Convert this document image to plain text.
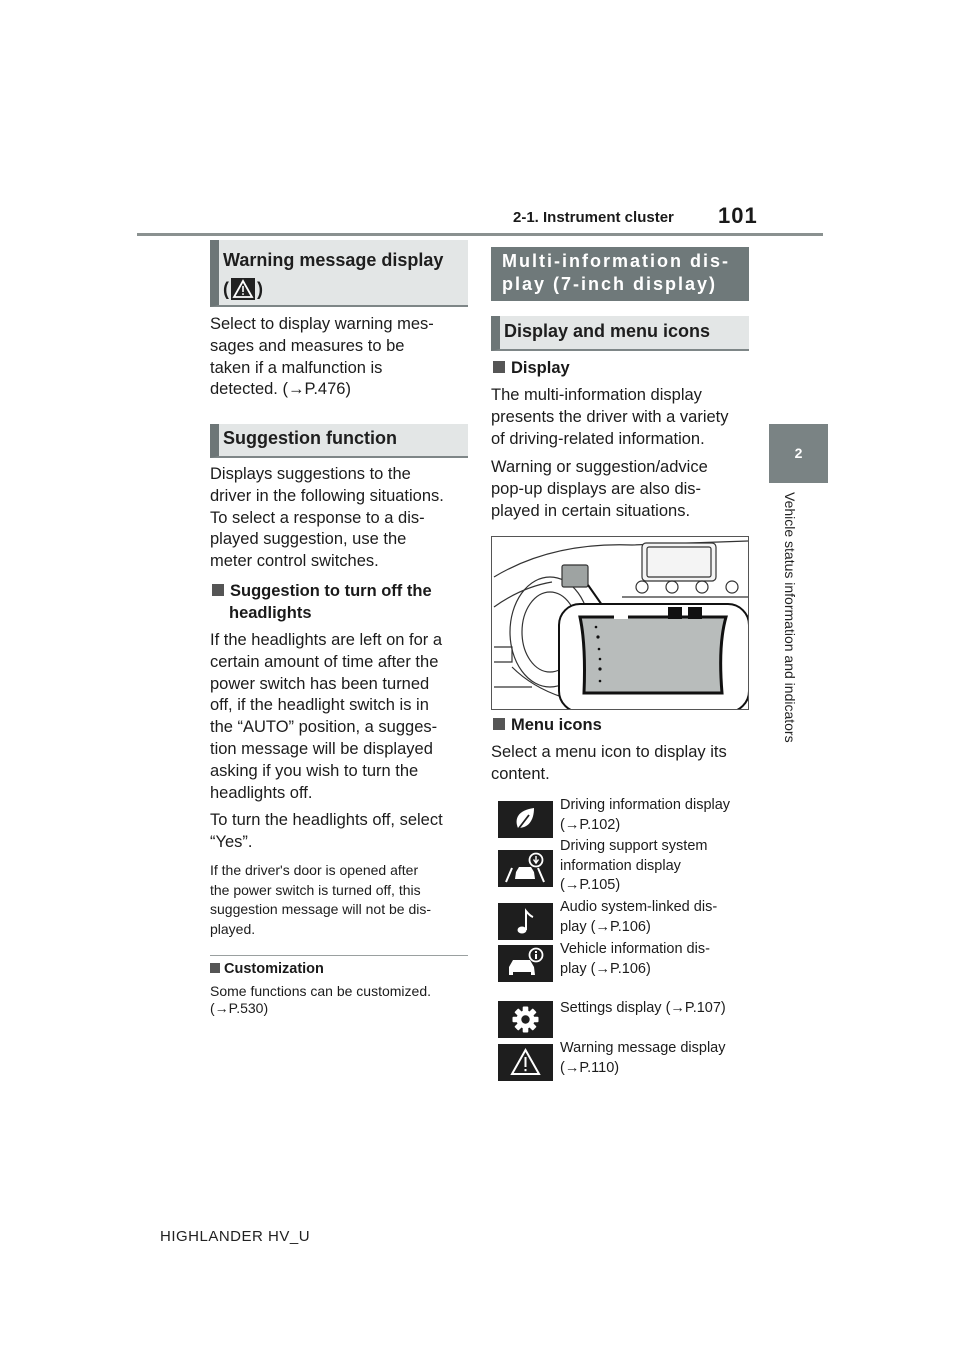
2-1. Instrument cluster 101
2
Vehicle status information and indicators
Warning message display
( )
Select to display warning mes-
sages and measures to be
taken if a malfunction is
detected. (→P.476)
Suggestion function
Displays suggestions to the
driver in the following situations.
To select a response to a dis-
played suggestion, use the
meter control switches.
Suggestion to turn off the
headlights
If the headlights are left on for a
certain amount of time after the
power switch has been turned
off, if the headlight switch is in
the “AUTO” position, a sugges-
tion message will be displayed
asking if you wish to turn the
headlights off.
To turn the headlights off, select
“Yes”.
If the driver's door is opened after
the power switch is turned off, this
suggestion message will not be dis-
played.
Customization
Some functions can be customized.
(→P.530)
Multi-information dis-
play (7-inch display)
Display and menu icons
Display
The multi-information display
presents the driver with a variety
of driving-related information.
Warning or suggestion/advice
pop-up displays are also dis-
played in certain situations.
Menu icons
Select a menu icon to display its
content.
Driving information display
(→P.102)
Driving support system
information display
(→P.105)
Audio system-linked dis-
play (→P.106)
Vehicle information dis-
play (→P.106)
Settings display (→P.107)
Warning message display
(→P.110)
HIGHLANDER HV_U
